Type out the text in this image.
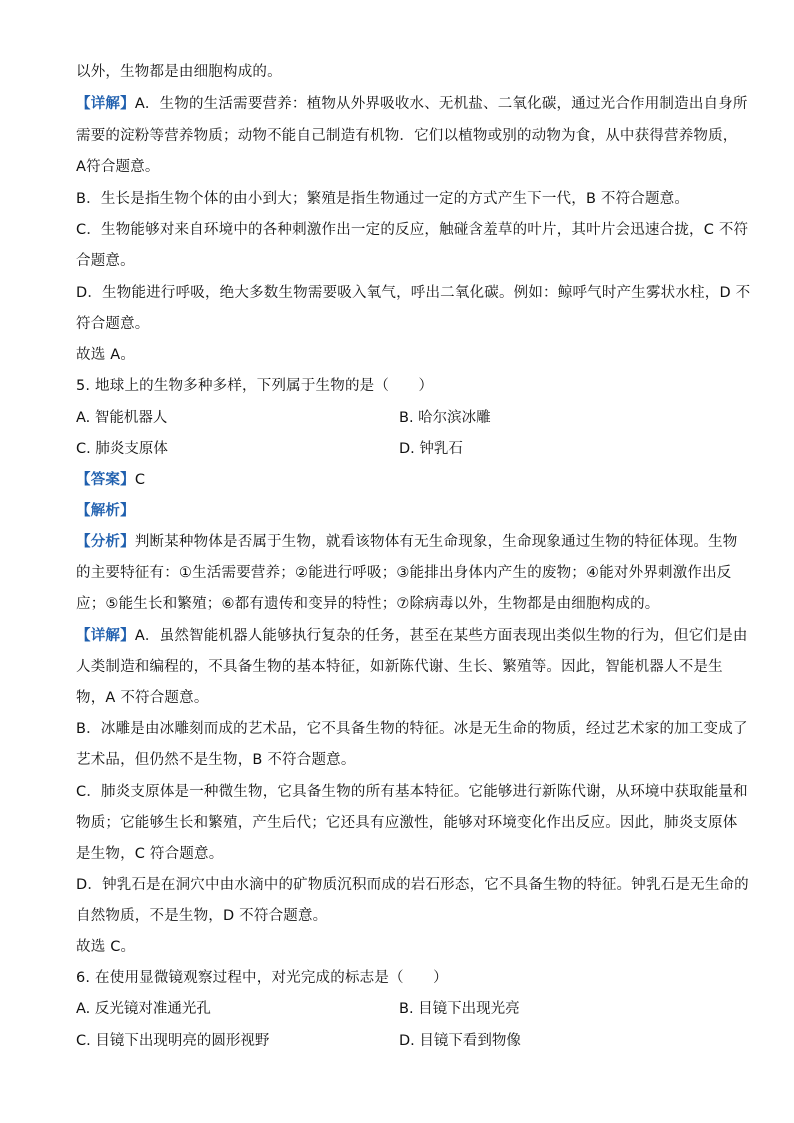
以外，生物都是由细胞构成的。
【详解】A．生物的生活需要营养：植物从外界吸收水、无机盐、二氧化碳，通过光合作用制造出自身所
需要的淀粉等营养物质；动物不能自己制造有机物．它们以植物或别的动物为食，从中获得营养物质，
A符合题意。
B．生长是指生物个体的由小到大；繁殖是指生物通过一定的方式产生下一代，B 不符合题意。
C．生物能够对来自环境中的各种刺激作出一定的反应，触碰含羞草的叶片，其叶片会迅速合拢，C 不符
合题意。
D．生物能进行呼吸，绝大多数生物需要吸入氧气，呼出二氧化碳。例如：鲸呼气时产生雾状水柱，D 不
符合题意。
故选 A。
5. 地球上的生物多种多样，下列属于生物的是（　　）
A. 智能机器人	B. 哈尔滨冰雕
C. 肺炎支原体	D. 钟乳石
【答案】C
【解析】
【分析】判断某种物体是否属于生物，就看该物体有无生命现象，生命现象通过生物的特征体现。生物
的主要特征有：①生活需要营养；②能进行呼吸；③能排出身体内产生的废物；④能对外界刺激作出反
应；⑤能生长和繁殖；⑥都有遗传和变异的特性；⑦除病毒以外，生物都是由细胞构成的。
【详解】A．虽然智能机器人能够执行复杂的任务，甚至在某些方面表现出类似生物的行为，但它们是由
人类制造和编程的，不具备生物的基本特征，如新陈代谢、生长、繁殖等。因此，智能机器人不是生
物，A 不符合题意。
B．冰雕是由冰雕刻而成的艺术品，它不具备生物的特征。冰是无生命的物质，经过艺术家的加工变成了
艺术品，但仍然不是生物，B 不符合题意。
C．肺炎支原体是一种微生物，它具备生物的所有基本特征。它能够进行新陈代谢，从环境中获取能量和
物质；它能够生长和繁殖，产生后代；它还具有应激性，能够对环境变化作出反应。因此，肺炎支原体
是生物，C 符合题意。
D．钟乳石是在洞穴中由水滴中的矿物质沉积而成的岩石形态，它不具备生物的特征。钟乳石是无生命的
自然物质，不是生物，D 不符合题意。
故选 C。
6. 在使用显微镜观察过程中，对光完成的标志是（　　）
A. 反光镜对准通光孔	B. 目镜下出现光亮
C. 目镜下出现明亮的圆形视野	D. 目镜下看到物像
